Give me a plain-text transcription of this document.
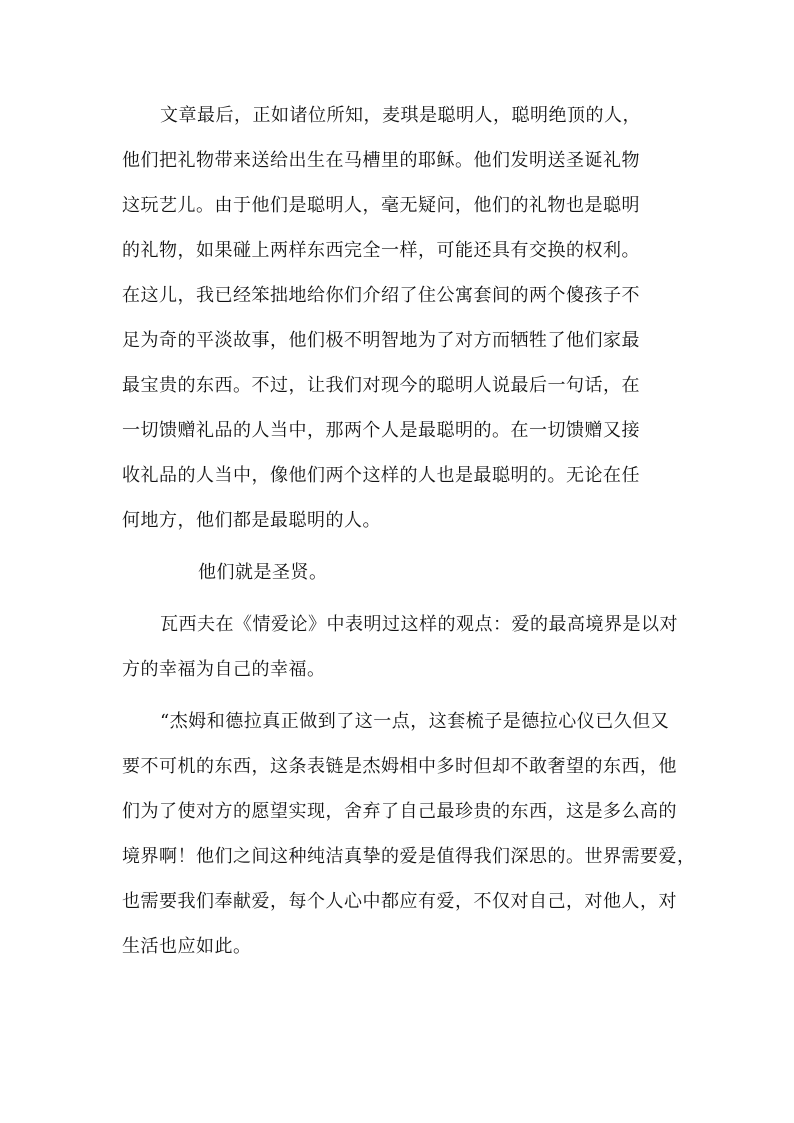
文章最后，正如诸位所知，麦琪是聪明人，聪明绝顶的人，
他们把礼物带来送给出生在马槽里的耶稣。他们发明送圣诞礼物
这玩艺儿。由于他们是聪明人，毫无疑问，他们的礼物也是聪明
的礼物，如果碰上两样东西完全一样，可能还具有交换的权利。
在这儿，我已经笨拙地给你们介绍了住公寓套间的两个傻孩子不
足为奇的平淡故事，他们极不明智地为了对方而牺牲了他们家最
最宝贵的东西。不过，让我们对现今的聪明人说最后一句话，在
一切馈赠礼品的人当中，那两个人是最聪明的。在一切馈赠又接
收礼品的人当中，像他们两个这样的人也是最聪明的。无论在任
何地方，他们都是最聪明的人。
他们就是圣贤。
瓦西夫在《情爱论》中表明过这样的观点：爱的最高境界是以对
方的幸福为自己的幸福。
“杰姆和德拉真正做到了这一点，这套梳子是德拉心仪已久但又
要不可机的东西，这条表链是杰姆相中多时但却不敢奢望的东西，他
们为了使对方的愿望实现，舍弃了自己最珍贵的东西，这是多么高的
境界啊！他们之间这种纯洁真挚的爱是值得我们深思的。世界需要爱，
也需要我们奉献爱，每个人心中都应有爱，不仅对自己，对他人，对
生活也应如此。
